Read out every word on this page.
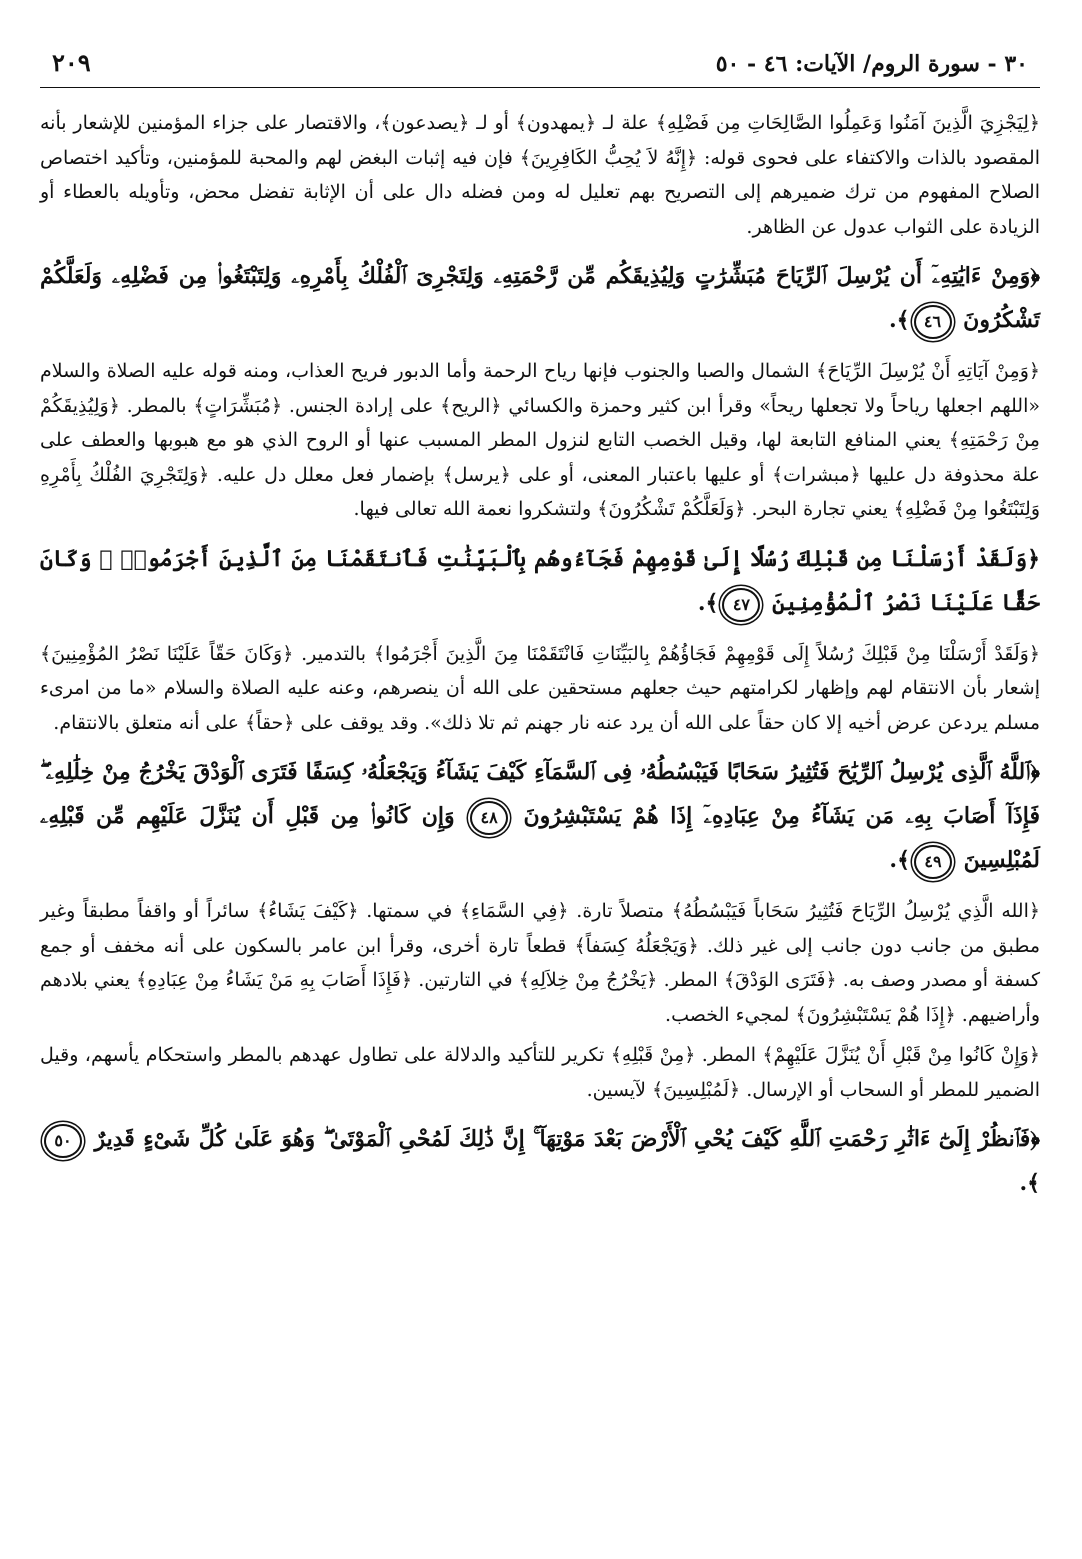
٣٠ - سورة الروم/ الآيات: ٤٦ - ٥٠
٢٠٩

﴿لِيَجْزِيَ الَّذِينَ آمَنُوا وَعَمِلُوا الصَّالِحَاتِ مِن فَضْلِهِ﴾ علة لـ ﴿يمهدون﴾ أو لـ ﴿يصدعون﴾، والاقتصار على جزاء المؤمنين للإشعار بأنه المقصود بالذات والاكتفاء على فحوى قوله: ﴿إِنَّهُ لاَ يُحِبُّ الكَافِرِينَ﴾ فإن فيه إثبات البغض لهم والمحبة للمؤمنين، وتأكيد اختصاص الصلاح المفهوم من ترك ضميرهم إلى التصريح بهم تعليل له ومن فضله دال على أن الإثابة تفضل محض، وتأويله بالعطاء أو الزيادة على الثواب عدول عن الظاهر.

﴿وَمِنْ ءَايَٰتِهِۦٓ أَن يُرْسِلَ ٱلرِّيَاحَ مُبَشِّرَٰتٍ وَلِيُذِيقَكُم مِّن رَّحْمَتِهِۦ وَلِتَجْرِىَ ٱلْفُلْكُ بِأَمْرِهِۦ وَلِتَبْتَغُوا۟ مِن فَضْلِهِۦ وَلَعَلَّكُمْ تَشْكُرُونَ ٤٦﴾.

﴿وَمِنْ آيَاتِهِ أَنْ يُرْسِلَ الرِّيَاحَ﴾ الشمال والصبا والجنوب فإنها رياح الرحمة وأما الدبور فريح العذاب، ومنه قوله عليه الصلاة والسلام «اللهم اجعلها رياحاً ولا تجعلها ريحاً» وقرأ ابن كثير وحمزة والكسائي ﴿الريح﴾ على إرادة الجنس. ﴿مُبَشِّرَاتٍ﴾ بالمطر. ﴿وَلِيُذِيقَكُمْ مِنْ رَحْمَتِهِ﴾ يعني المنافع التابعة لها، وقيل الخصب التابع لنزول المطر المسبب عنها أو الروح الذي هو مع هبوبها والعطف على علة محذوفة دل عليها ﴿مبشرات﴾ أو عليها باعتبار المعنى، أو على ﴿يرسل﴾ بإضمار فعل معلل دل عليه. ﴿وَلِتَجْرِيَ الفُلْكُ بِأَمْرِهِ وَلِتَبْتَغُوا مِنْ فَضْلِهِ﴾ يعني تجارة البحر. ﴿وَلَعَلَّكُمْ تَشْكُرُونَ﴾ ولتشكروا نعمة الله تعالى فيها.

﴿وَلَقَدْ أَرْسَلْنَا مِن قَبْلِكَ رُسُلًا إِلَىٰ قَوْمِهِمْ فَجَآءُوهُم بِٱلْبَيِّنَٰتِ فَٱنتَقَمْنَا مِنَ ٱلَّذِينَ أَجْرَمُوا۟ ۖ وَكَانَ حَقًّا عَلَيْنَا نَصْرُ ٱلْمُؤْمِنِينَ ٤٧﴾.

﴿وَلَقَدْ أَرْسَلْنَا مِنْ قَبْلِكَ رُسُلاً إِلَى قَوْمِهِمْ فَجَاؤُهُمْ بِالبَيِّنَاتِ فَانْتَقَمْنَا مِنَ الَّذِينَ أَجْرَمُوا﴾ بالتدمير. ﴿وَكَانَ حَقّاً عَلَيْنَا نَصْرُ المُؤْمِنِينَ﴾ إشعار بأن الانتقام لهم وإظهار لكرامتهم حيث جعلهم مستحقين على الله أن ينصرهم، وعنه عليه الصلاة والسلام «ما من امرىء مسلم يردعن عرض أخيه إلا كان حقاً على الله أن يرد عنه نار جهنم ثم تلا ذلك». وقد يوقف على ﴿حقاً﴾ على أنه متعلق بالانتقام.

﴿ٱللَّهُ ٱلَّذِى يُرْسِلُ ٱلرِّيَٰحَ فَتُثِيرُ سَحَابًا فَيَبْسُطُهُۥ فِى ٱلسَّمَآءِ كَيْفَ يَشَآءُ وَيَجْعَلُهُۥ كِسَفًا فَتَرَى ٱلْوَدْقَ يَخْرُجُ مِنْ خِلَٰلِهِۦ ۖ فَإِذَآ أَصَابَ بِهِۦ مَن يَشَآءُ مِنْ عِبَادِهِۦٓ إِذَا هُمْ يَسْتَبْشِرُونَ ٤٨ وَإِن كَانُوا۟ مِن قَبْلِ أَن يُنَزَّلَ عَلَيْهِم مِّن قَبْلِهِۦ لَمُبْلِسِينَ ٤٩﴾.

﴿الله الَّذِي يُرْسِلُ الرِّيَاحَ فَتُثِيرُ سَحَاباً فَيَبْسُطُهُ﴾ متصلاً تارة. ﴿فِي السَّمَاءِ﴾ في سمتها. ﴿كَيْفَ يَشَاءُ﴾ سائراً أو واقفاً مطبقاً وغير مطبق من جانب دون جانب إلى غير ذلك. ﴿وَيَجْعَلُهُ كِسَفاً﴾ قطعاً تارة أخرى، وقرأ ابن عامر بالسكون على أنه مخفف أو جمع كسفة أو مصدر وصف به. ﴿فَتَرَى الوَدْقَ﴾ المطر. ﴿يَخْرُجُ مِنْ خِلاَلِهِ﴾ في التارتين. ﴿فَإِذَا أَصَابَ بِهِ مَنْ يَشَاءُ مِنْ عِبَادِهِ﴾ يعني بلادهم وأراضيهم. ﴿إِذَا هُمْ يَسْتَبْشِرُونَ﴾ لمجيء الخصب.

﴿وَإِنْ كَانُوا مِنْ قَبْلِ أَنْ يُنَزَّلَ عَلَيْهِمْ﴾ المطر. ﴿مِنْ قَبْلِهِ﴾ تكرير للتأكيد والدلالة على تطاول عهدهم بالمطر واستحكام يأسهم، وقيل الضمير للمطر أو السحاب أو الإرسال. ﴿لَمُبْلِسِينَ﴾ لآيسين.

﴿فَٱنظُرْ إِلَىٰٓ ءَاثَٰرِ رَحْمَتِ ٱللَّهِ كَيْفَ يُحْىِ ٱلْأَرْضَ بَعْدَ مَوْتِهَآ ۚ إِنَّ ذَٰلِكَ لَمُحْىِ ٱلْمَوْتَىٰ ۖ وَهُوَ عَلَىٰ كُلِّ شَىْءٍ قَدِيرٌ ٥٠﴾.
